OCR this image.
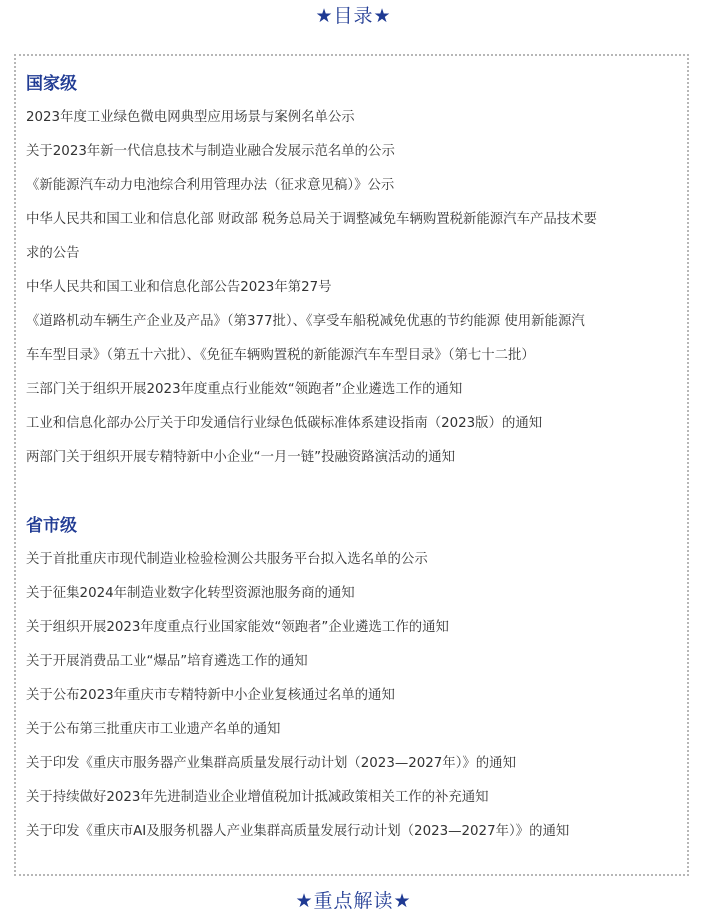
★目录★
国家级
2023年度工业绿色微电网典型应用场景与案例名单公示
关于2023年新一代信息技术与制造业融合发展示范名单的公示
《新能源汽车动力电池综合利用管理办法（征求意见稿）》公示
中华人民共和国工业和信息化部 财政部 税务总局关于调整减免车辆购置税新能源汽车产品技术要
求的公告
中华人民共和国工业和信息化部公告2023年第27号
《道路机动车辆生产企业及产品》（第377批）、《享受车船税减免优惠的节约能源 使用新能源汽
车车型目录》（第五十六批）、《免征车辆购置税的新能源汽车车型目录》（第七十二批）
三部门关于组织开展2023年度重点行业能效“领跑者”企业遴选工作的通知
工业和信息化部办公厅关于印发通信行业绿色低碳标准体系建设指南（2023版）的通知
两部门关于组织开展专精特新中小企业“一月一链”投融资路演活动的通知
省市级
关于首批重庆市现代制造业检验检测公共服务平台拟入选名单的公示
关于征集2024年制造业数字化转型资源池服务商的通知
关于组织开展2023年度重点行业国家能效“领跑者”企业遴选工作的通知
关于开展消费品工业“爆品”培育遴选工作的通知
关于公布2023年重庆市专精特新中小企业复核通过名单的通知
关于公布第三批重庆市工业遗产名单的通知
关于印发《重庆市服务器产业集群高质量发展行动计划（2023—2027年）》的通知
关于持续做好2023年先进制造业企业增值税加计抵减政策相关工作的补充通知
关于印发《重庆市AI及服务机器人产业集群高质量发展行动计划（2023—2027年）》的通知
★重点解读★
